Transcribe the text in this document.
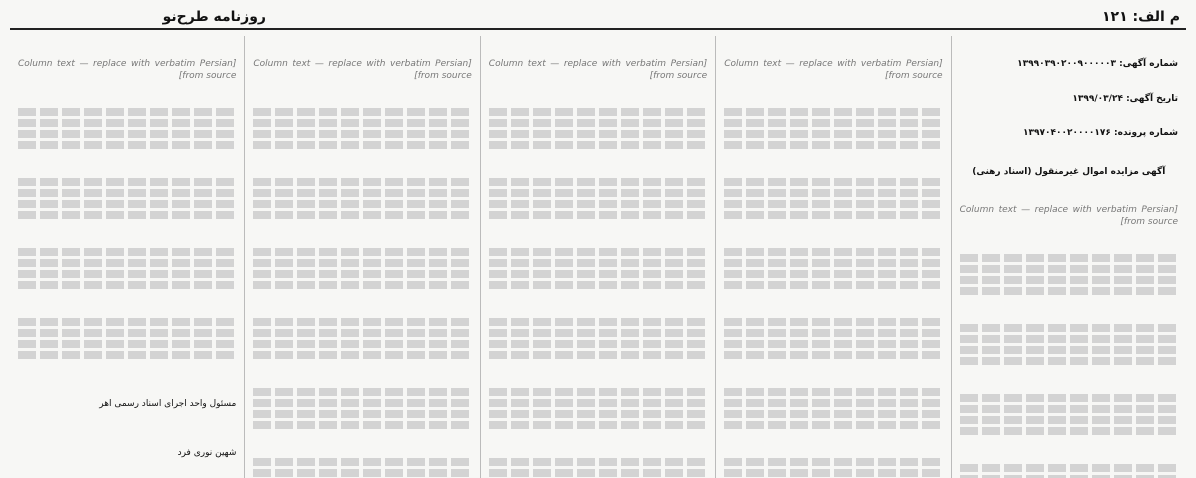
م الف: ۱۲۱
روزنامه طرح‌نو

شماره آگهی: ۱۳۹۹۰۳۹۰۲۰۰۹۰۰۰۰۰۳

تاریخ آگهی: ۱۳۹۹/۰۳/۲۴

شماره پرونده: ۱۳۹۷۰۴۰۰۲۰۰۰۰۱۷۶

آگهی مزایده اموال غیرمنقول (اسناد رهنی)

[Column text — replace with verbatim Persian from source]

[Column text — replace with verbatim Persian from source]

[Column text — replace with verbatim Persian from source]

[Column text — replace with verbatim Persian from source]

[Column text — replace with verbatim Persian from source]

مسئول واحد اجرای اسناد رسمی اهر

شهین نوری فرد
